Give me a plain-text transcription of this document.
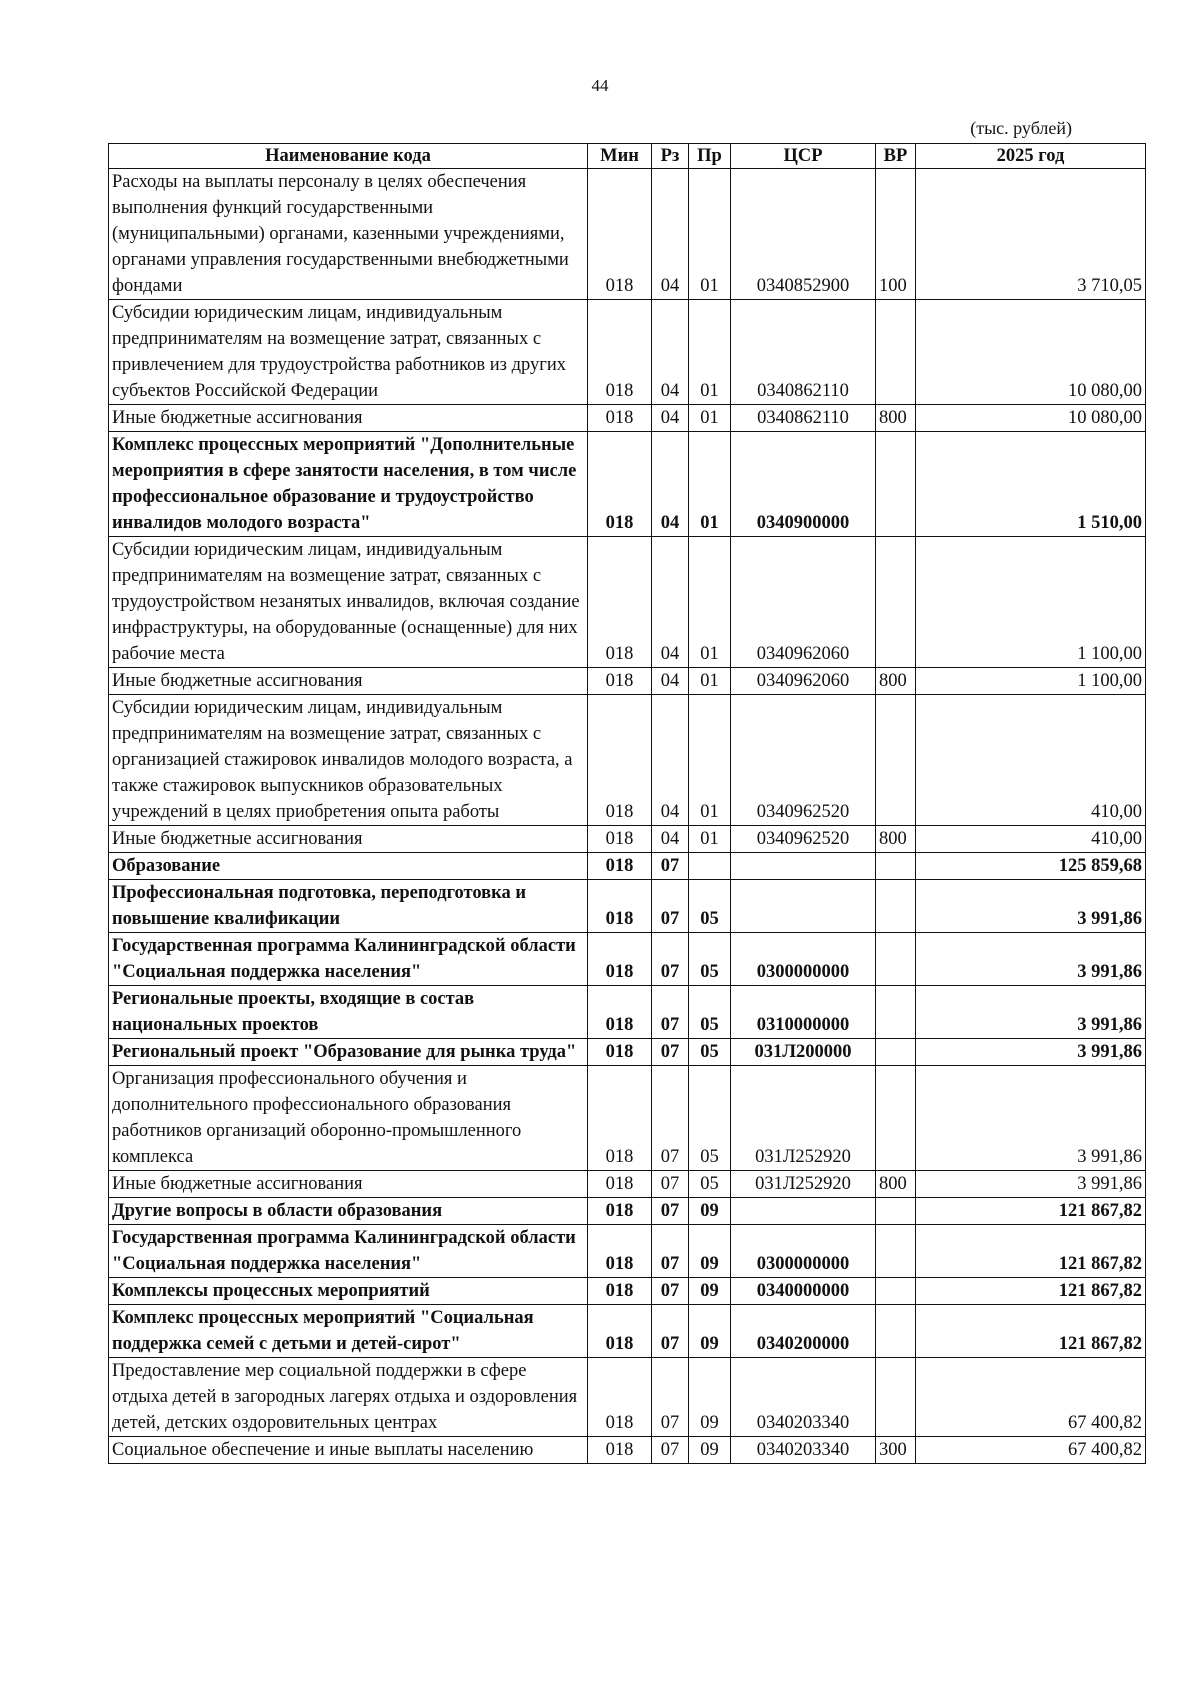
44
(тыс. рублей)
Наименование кода	Мин	Рз	Пр	ЦСР	ВР	2025 год
Расходы на выплаты персоналу в целях обеспечения выполнения функций государственными (муниципальными) органами, казенными учреждениями, органами управления государственными внебюджетными фондами	018	04	01	0340852900	100	3 710,05
Субсидии юридическим лицам, индивидуальным предпринимателям на возмещение затрат, связанных с привлечением для трудоустройства работников из других субъектов Российской Федерации	018	04	01	0340862110		10 080,00
Иные бюджетные ассигнования	018	04	01	0340862110	800	10 080,00
Комплекс процессных мероприятий "Дополнительные мероприятия в сфере занятости населения, в том числе профессиональное образование и трудоустройство инвалидов молодого возраста"	018	04	01	0340900000		1 510,00
Субсидии юридическим лицам, индивидуальным предпринимателям на возмещение затрат, связанных с трудоустройством незанятых инвалидов, включая создание инфраструктуры, на оборудованные (оснащенные) для них рабочие места	018	04	01	0340962060		1 100,00
Иные бюджетные ассигнования	018	04	01	0340962060	800	1 100,00
Субсидии юридическим лицам, индивидуальным предпринимателям на возмещение затрат, связанных с организацией стажировок инвалидов молодого возраста, а также стажировок выпускников образовательных учреждений в целях приобретения опыта работы	018	04	01	0340962520		410,00
Иные бюджетные ассигнования	018	04	01	0340962520	800	410,00
Образование	018	07				125 859,68
Профессиональная подготовка, переподготовка и повышение квалификации	018	07	05			3 991,86
Государственная программа Калининградской области "Социальная поддержка населения"	018	07	05	0300000000		3 991,86
Региональные проекты, входящие в состав национальных проектов	018	07	05	0310000000		3 991,86
Региональный проект "Образование для рынка труда"	018	07	05	031Л200000		3 991,86
Организация профессионального обучения и дополнительного профессионального образования работников организаций оборонно-промышленного комплекса	018	07	05	031Л252920		3 991,86
Иные бюджетные ассигнования	018	07	05	031Л252920	800	3 991,86
Другие вопросы в области образования	018	07	09			121 867,82
Государственная программа Калининградской области "Социальная поддержка населения"	018	07	09	0300000000		121 867,82
Комплексы процессных мероприятий	018	07	09	0340000000		121 867,82
Комплекс процессных мероприятий "Социальная поддержка семей с детьми и детей-сирот"	018	07	09	0340200000		121 867,82
Предоставление мер социальной поддержки в сфере отдыха детей в загородных лагерях отдыха и оздоровления детей, детских оздоровительных центрах	018	07	09	0340203340		67 400,82
Социальное обеспечение и иные выплаты населению	018	07	09	0340203340	300	67 400,82
